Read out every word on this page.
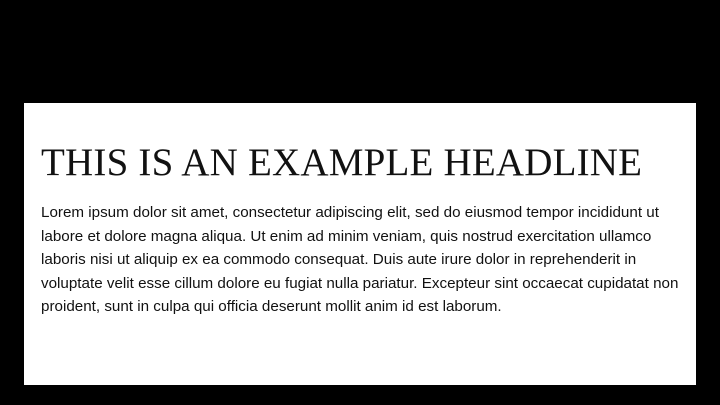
THIS IS AN EXAMPLE HEADLINE

Lorem ipsum dolor sit amet, consectetur adipiscing elit, sed do eiusmod tempor incididunt ut labore et dolore magna aliqua. Ut enim ad minim veniam, quis nostrud exercitation ullamco laboris nisi ut aliquip ex ea commodo consequat. Duis aute irure dolor in reprehenderit in voluptate velit esse cillum dolore eu fugiat nulla pariatur. Excepteur sint occaecat cupidatat non proident, sunt in culpa qui officia deserunt mollit anim id est laborum.
